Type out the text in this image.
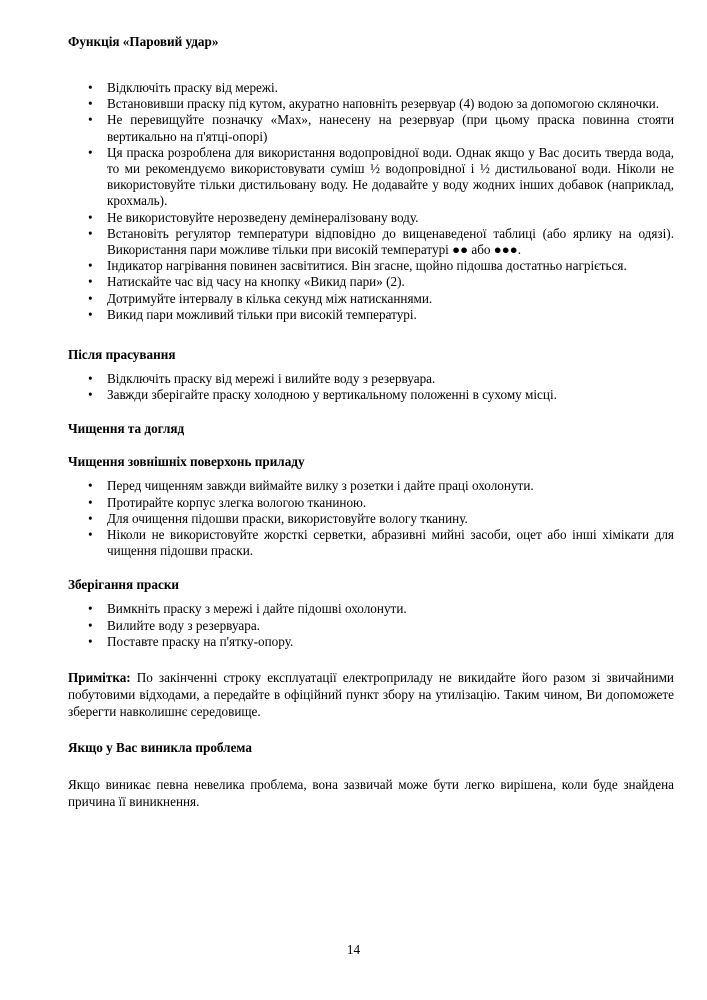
Функція «Паровий удар»
• Відключіть праску від мережі.
• Встановивши праску під кутом, акуратно наповніть резервуар (4) водою за допомогою скляночки.
• Не перевищуйте позначку «Max», нанесену на резервуар (при цьому праска повинна стояти вертикально на п'ятці-опорі)
• Ця праска розроблена для використання водопровідної води. Однак якщо у Вас досить тверда вода, то ми рекомендуємо використовувати суміш ½ водопровідної і ½ дистильованої води. Ніколи не використовуйте тільки дистильовану воду. Не додавайте у воду жодних інших добавок (наприклад, крохмаль).
• Не використовуйте нерозведену демінералізовану воду.
• Встановіть регулятор температури відповідно до вищенаведеної таблиці (або ярлику на одязі). Використання пари можливе тільки при високій температурі ●● або ●●●.
• Індикатор нагрівання повинен засвітитися. Він згасне, щойно підошва достатньо нагріється.
• Натискайте час від часу на кнопку «Викид пари» (2).
• Дотримуйте інтервалу в кілька секунд між натисканнями.
• Викид пари можливий тільки при високій температурі.
Після прасування
• Відключіть праску від мережі і вилийте воду з резервуара.
• Завжди зберігайте праску холодною у вертикальному положенні в сухому місці.
Чищення та догляд
Чищення зовнішніх поверхонь приладу
• Перед чищенням завжди виймайте вилку з розетки і дайте праці охолонути.
• Протирайте корпус злегка вологою тканиною.
• Для очищення підошви праски, використовуйте вологу тканину.
• Ніколи не використовуйте жорсткі серветки, абразивні мийні засоби, оцет або інші хімікати для чищення підошви праски.
Зберігання праски
• Вимкніть праску з мережі і дайте підошві охолонути.
• Вилийте воду з резервуара.
• Поставте праску на п'ятку-опору.

Примітка: По закінченні строку експлуатації електроприладу не викидайте його разом зі звичайними побутовими відходами, а передайте в офіційний пункт збору на утилізацію. Таким чином, Ви допоможете зберегти навколишнє середовище.

Якщо у Вас виникла проблема

Якщо виникає певна невелика проблема, вона зазвичай може бути легко вирішена, коли буде знайдена причина її виникнення.

14
